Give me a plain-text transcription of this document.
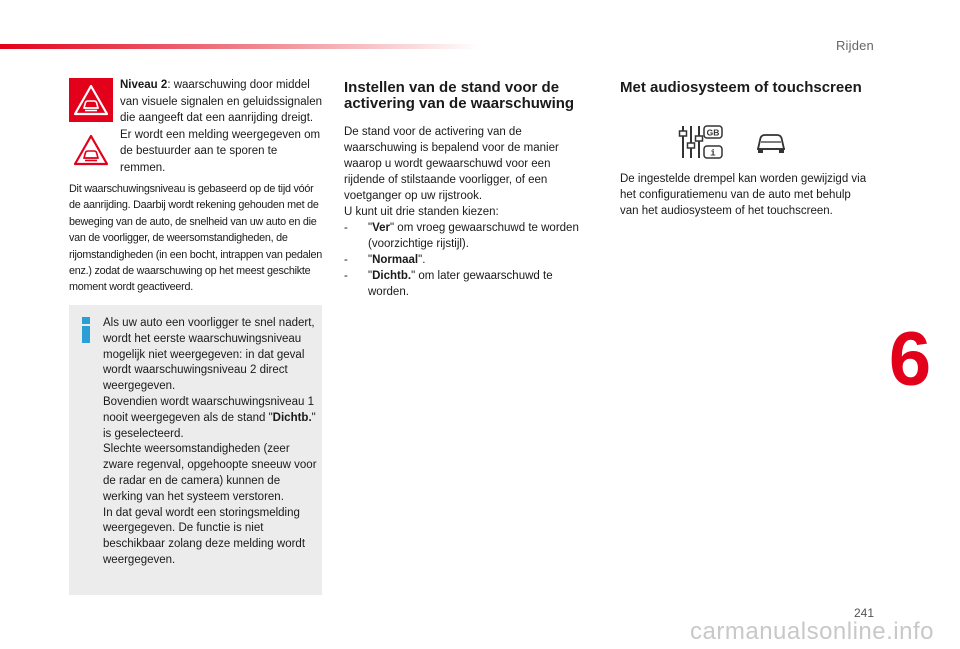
Rijden
Niveau 2: waarschuwing door middel van visuele signalen en geluidssignalen die aangeeft dat een aanrijding dreigt. Er wordt een melding weergegeven om de bestuurder aan te sporen te remmen.
Dit waarschuwingsniveau is gebaseerd op de tijd vóór de aanrijding. Daarbij wordt rekening gehouden met de beweging van de auto, de snelheid van uw auto en die van de voorligger, de weersomstandigheden, de rijomstandigheden (in een bocht, intrappen van pedalen enz.) zodat de waarschuwing op het meest geschikte moment wordt geactiveerd.

Als uw auto een voorligger te snel nadert, wordt het eerste waarschuwingsniveau mogelijk niet weergegeven: in dat geval wordt waarschuwingsniveau 2 direct weergegeven.

Bovendien wordt waarschuwingsniveau 1 nooit weergegeven als de stand "Dichtb." is geselecteerd.

Slechte weersomstandigheden (zeer zware regenval, opgehoopte sneeuw voor de radar en de camera) kunnen de werking van het systeem verstoren.

In dat geval wordt een storingsmelding weergegeven. De functie is niet beschikbaar zolang deze melding wordt weergegeven.

Instellen van de stand voor de activering van de waarschuwing

De stand voor de activering van de waarschuwing is bepalend voor de manier waarop u wordt gewaarschuwd voor een rijdende of stilstaande voorligger, of een voetganger op uw rijstrook.

U kunt uit drie standen kiezen:

-	"Ver" om vroeg gewaarschuwd te worden (voorzichtige rijstijl).
-	"Normaal".
-	"Dichtb." om later gewaarschuwd te worden.
Met audiosysteem of touchscreen
GB
i
De ingestelde drempel kan worden gewijzigd via het configuratiemenu van de auto met behulp van het audiosysteem of het touchscreen.
6
241
carmanualsonline.info
